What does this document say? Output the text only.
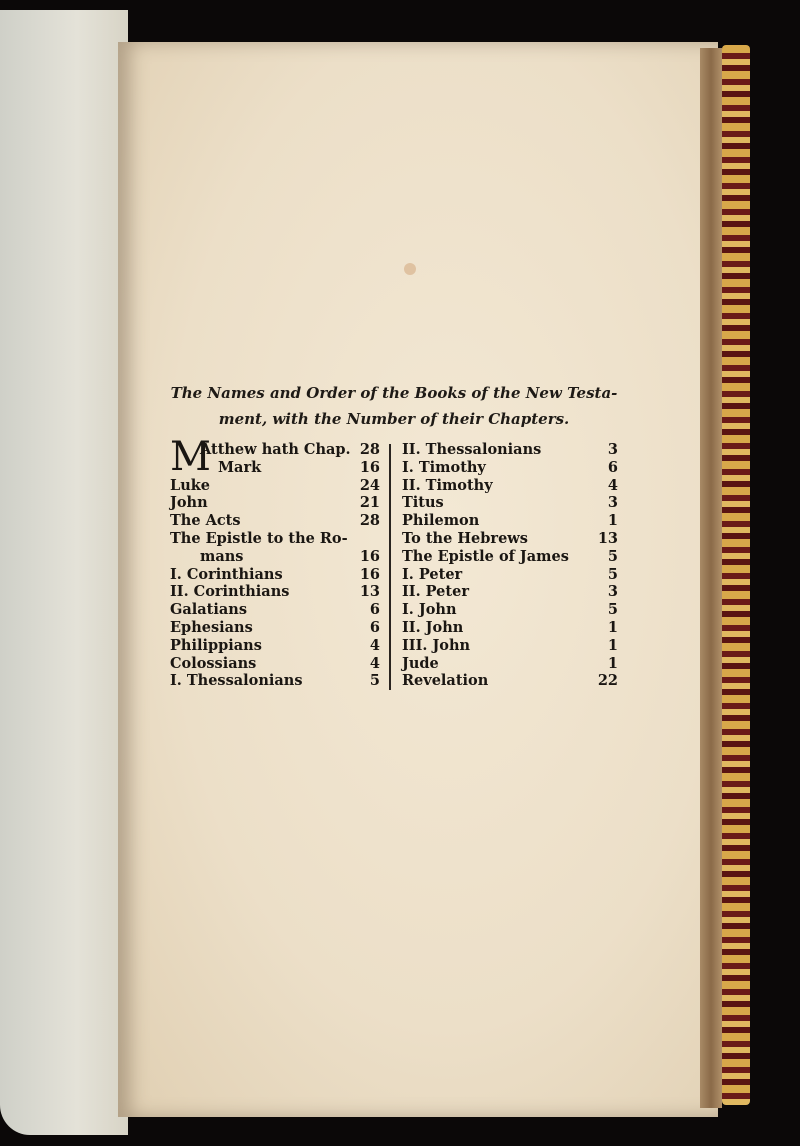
The Names and Order of the Books of the New Testa-
ment, with the Number of their Chapters.
M
Atthew hath Chap. 28
Mark	16
Luke	24
John	21
The Acts	28
The Epistle to the Ro-
mans	16
I. Corinthians	16
II. Corinthians	13
Galatians	6
Ephesians	6
Philippians	4
Colossians	4
I. Thessalonians	5
II. Thessalonians	3
I. Timothy	6
II. Timothy	4
Titus	3
Philemon	1
To the Hebrews	13
The Epistle of James	5
I. Peter	5
II. Peter	3
I. John	5
II. John	1
III. John	1
Jude	1
Revelation	22
